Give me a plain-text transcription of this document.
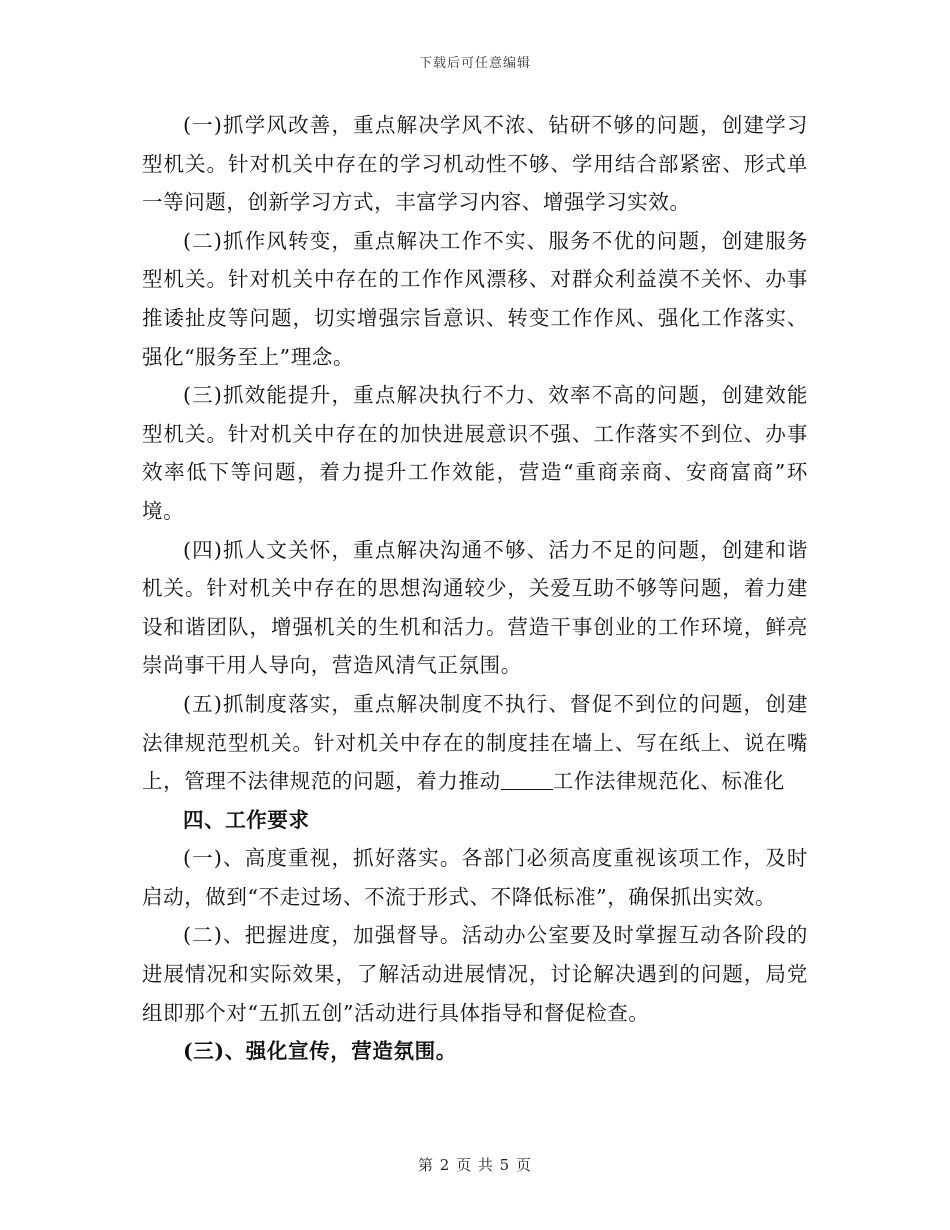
下载后可任意编辑

(一)抓学风改善，重点解决学风不浓、钻研不够的问题，创建学习型机关。针对机关中存在的学习机动性不够、学用结合部紧密、形式单一等问题，创新学习方式，丰富学习内容、增强学习实效。

(二)抓作风转变，重点解决工作不实、服务不优的问题，创建服务型机关。针对机关中存在的工作作风漂移、对群众利益漠不关怀、办事推诿扯皮等问题，切实增强宗旨意识、转变工作作风、强化工作落实、强化“服务至上”理念。

(三)抓效能提升，重点解决执行不力、效率不高的问题，创建效能型机关。针对机关中存在的加快进展意识不强、工作落实不到位、办事效率低下等问题，着力提升工作效能，营造“重商亲商、安商富商”环境。

(四)抓人文关怀，重点解决沟通不够、活力不足的问题，创建和谐机关。针对机关中存在的思想沟通较少，关爱互助不够等问题，着力建设和谐团队，增强机关的生机和活力。营造干事创业的工作环境，鲜亮崇尚事干用人导向，营造风清气正氛围。

(五)抓制度落实，重点解决制度不执行、督促不到位的问题，创建法律规范型机关。针对机关中存在的制度挂在墙上、写在纸上、说在嘴上，管理不法律规范的问题，着力推动	工作法律规范化、标准化

四、工作要求

(一)、高度重视，抓好落实。各部门必须高度重视该项工作，及时启动，做到“不走过场、不流于形式、不降低标准”，确保抓出实效。

(二)、把握进度，加强督导。活动办公室要及时掌握互动各阶段的进展情况和实际效果，了解活动进展情况，讨论解决遇到的问题，局党组即那个对“五抓五创”活动进行具体指导和督促检查。

(三)、强化宣传，营造氛围。

第 2 页 共 5 页
